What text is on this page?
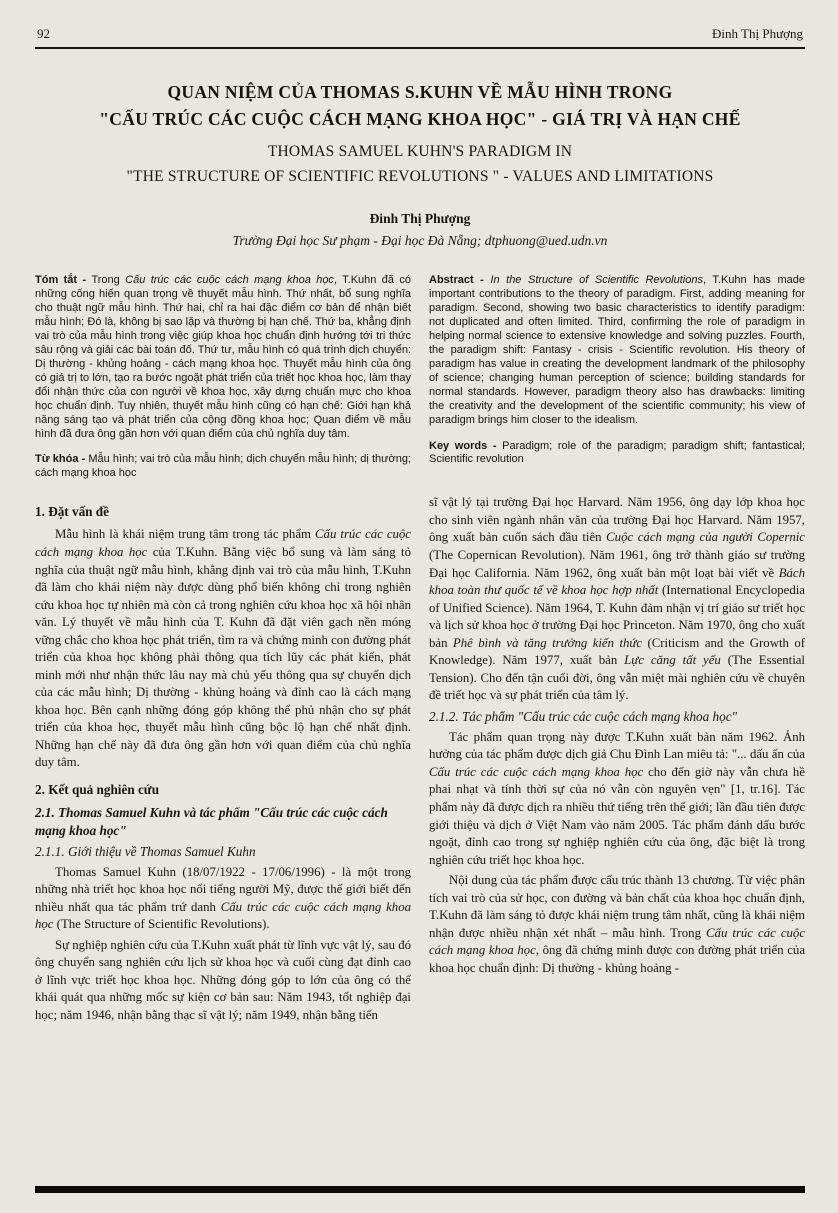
92	Đinh Thị Phượng
QUAN NIỆM CỦA THOMAS S.KUHN VỀ MẪU HÌNH TRONG
"CẤU TRÚC CÁC CUỘC CÁCH MẠNG KHOA HỌC" - GIÁ TRỊ VÀ HẠN CHẾ
THOMAS SAMUEL KUHN'S PARADIGM IN
"THE STRUCTURE OF SCIENTIFIC REVOLUTIONS " - VALUES AND LIMITATIONS
Đinh Thị Phượng
Trường Đại học Sư phạm - Đại học Đà Nẵng; dtphuong@ued.udn.vn

Tóm tắt - Trong Cấu trúc các cuộc cách mạng khoa học, T.Kuhn đã có những cống hiến quan trọng về thuyết mẫu hình. Thứ nhất, bổ sung nghĩa cho thuật ngữ mẫu hình. Thứ hai, chỉ ra hai đặc điểm cơ bản để nhận biết mẫu hình; Đó là, không bị sao lặp và thường bị hạn chế. Thứ ba, khẳng định vai trò của mẫu hình trong việc giúp khoa học chuẩn định hướng tới tri thức sâu rộng và giải các bài toán đố. Thứ tư, mẫu hình có quá trình dịch chuyển: Dị thường - khủng hoảng - cách mạng khoa học. Thuyết mẫu hình của ông có giá trị to lớn, tạo ra bước ngoặt phát triển của triết học khoa học, làm thay đổi nhận thức của con người về khoa học, xây dựng chuẩn mực cho khoa học chuẩn định. Tuy nhiên, thuyết mẫu hình cũng có hạn chế: Giới hạn khả năng sáng tạo và phát triển của cộng đồng khoa học; Quan điểm về mẫu hình đã đưa ông gần hơn với quan điểm của chủ nghĩa duy tâm.

Từ khóa - Mẫu hình; vai trò của mẫu hình; dịch chuyển mẫu hình; dị thường; cách mạng khoa học

Abstract - In the Structure of Scientific Revolutions, T.Kuhn has made important contributions to the theory of paradigm. First, adding meaning for paradigm. Second, showing two basic characteristics to identify paradigm: not duplicated and often limited. Third, confirming the role of paradigm in helping normal science to extensive knowledge and solving puzzles. Fourth, the paradigm shift: Fantasy - crisis - Scientific revolution. His theory of paradigm has value in creating the development landmark of the philosophy of science; changing human perception of science; building standards for normal standards. However, paradigm theory also has drawbacks: limiting the creativity and the development of the scientific community; his view of paradigm brings him closer to the idealism.

Key words - Paradigm; role of the paradigm; paradigm shift; fantastical; Scientific revolution

1. Đặt vấn đề

Mẫu hình là khái niệm trung tâm trong tác phẩm Cấu trúc các cuộc cách mạng khoa học của T.Kuhn. Bằng việc bổ sung và làm sáng tỏ nghĩa của thuật ngữ mẫu hình, khẳng định vai trò của mẫu hình, T.Kuhn đã làm cho khái niệm này được dùng phổ biến không chỉ trong nghiên cứu khoa học tự nhiên mà còn cả trong nghiên cứu khoa học xã hội nhân văn. Lý thuyết về mẫu hình của T. Kuhn đã đặt viên gạch nền móng vững chắc cho khoa học phát triển, tìm ra và chứng minh con đường phát triển của khoa học không phải thông qua tích lũy các phát kiến, phát minh mới như nhận thức lâu nay mà chủ yếu thông qua sự chuyển dịch của các mẫu hình; Dị thường - khủng hoảng và đỉnh cao là cách mạng khoa học. Bên cạnh những đóng góp không thể phủ nhận cho sự phát triển của khoa học, thuyết mẫu hình cũng bộc lộ hạn chế nhất định. Những hạn chế này đã đưa ông gần hơn với quan điểm của chủ nghĩa duy tâm.

2. Kết quả nghiên cứu
2.1. Thomas Samuel Kuhn và tác phẩm "Cấu trúc các cuộc cách mạng khoa học"
2.1.1. Giới thiệu về Thomas Samuel Kuhn

Thomas Samuel Kuhn (18/07/1922 - 17/06/1996) - là một trong những nhà triết học khoa học nổi tiếng người Mỹ, được thế giới biết đến nhiều nhất qua tác phẩm trứ danh Cấu trúc các cuộc cách mạng khoa học (The Structure of Scientific Revolutions).

Sự nghiệp nghiên cứu của T.Kuhn xuất phát từ lĩnh vực vật lý, sau đó ông chuyển sang nghiên cứu lịch sử khoa học và cuối cùng đạt đỉnh cao ở lĩnh vực triết học khoa học. Những đóng góp to lớn của ông có thể khái quát qua những mốc sự kiện cơ bản sau: Năm 1943, tốt nghiệp đại học; năm 1946, nhận bằng thạc sĩ vật lý; năm 1949, nhận bằng tiến

sĩ vật lý tại trường Đại học Harvard. Năm 1956, ông dạy lớp khoa học cho sinh viên ngành nhân văn của trường Đại học Harvard. Năm 1957, ông xuất bản cuốn sách đầu tiên Cuộc cách mạng của người Copernic (The Copernican Revolution). Năm 1961, ông trở thành giáo sư trường Đại học California. Năm 1962, ông xuất bản một loạt bài viết về Bách khoa toàn thư quốc tế về khoa học hợp nhất (International Encyclopedia of Unified Science). Năm 1964, T. Kuhn đảm nhận vị trí giáo sư triết học và lịch sử khoa học ở trường Đại học Princeton. Năm 1970, ông cho xuất bản Phê bình và tăng trưởng kiến thức (Criticism and the Growth of Knowledge). Năm 1977, xuất bản Lực căng tất yếu (The Essential Tension). Cho đến tận cuối đời, ông vẫn miệt mài nghiên cứu về chuyên đề triết học và sự phát triển của tâm lý.

2.1.2. Tác phẩm "Cấu trúc các cuộc cách mạng khoa học"

Tác phẩm quan trọng này được T.Kuhn xuất bản năm 1962. Ảnh hưởng của tác phẩm được dịch giả Chu Đình Lan miêu tả: "... dấu ấn của Cấu trúc các cuộc cách mạng khoa học cho đến giờ này vẫn chưa hề phai nhạt và tính thời sự của nó vẫn còn nguyên vẹn" [1, tr.16]. Tác phẩm này đã được dịch ra nhiều thứ tiếng trên thế giới; lần đầu tiên được giới thiệu và dịch ở Việt Nam vào năm 2005. Tác phẩm đánh dấu bước ngoặt, đỉnh cao trong sự nghiệp nghiên cứu của ông, đặc biệt là trong nghiên cứu triết học khoa học.

Nội dung của tác phẩm được cấu trúc thành 13 chương. Từ việc phân tích vai trò của sử học, con đường và bản chất của khoa học chuẩn định, T.Kuhn đã làm sáng tỏ được khái niệm trung tâm nhất, cũng là khái niệm nhận được nhiều nhận xét nhất – mẫu hình. Trong Cấu trúc các cuộc cách mạng khoa học, ông đã chứng minh được con đường phát triển của khoa học chuẩn định: Dị thường - khủng hoảng -
